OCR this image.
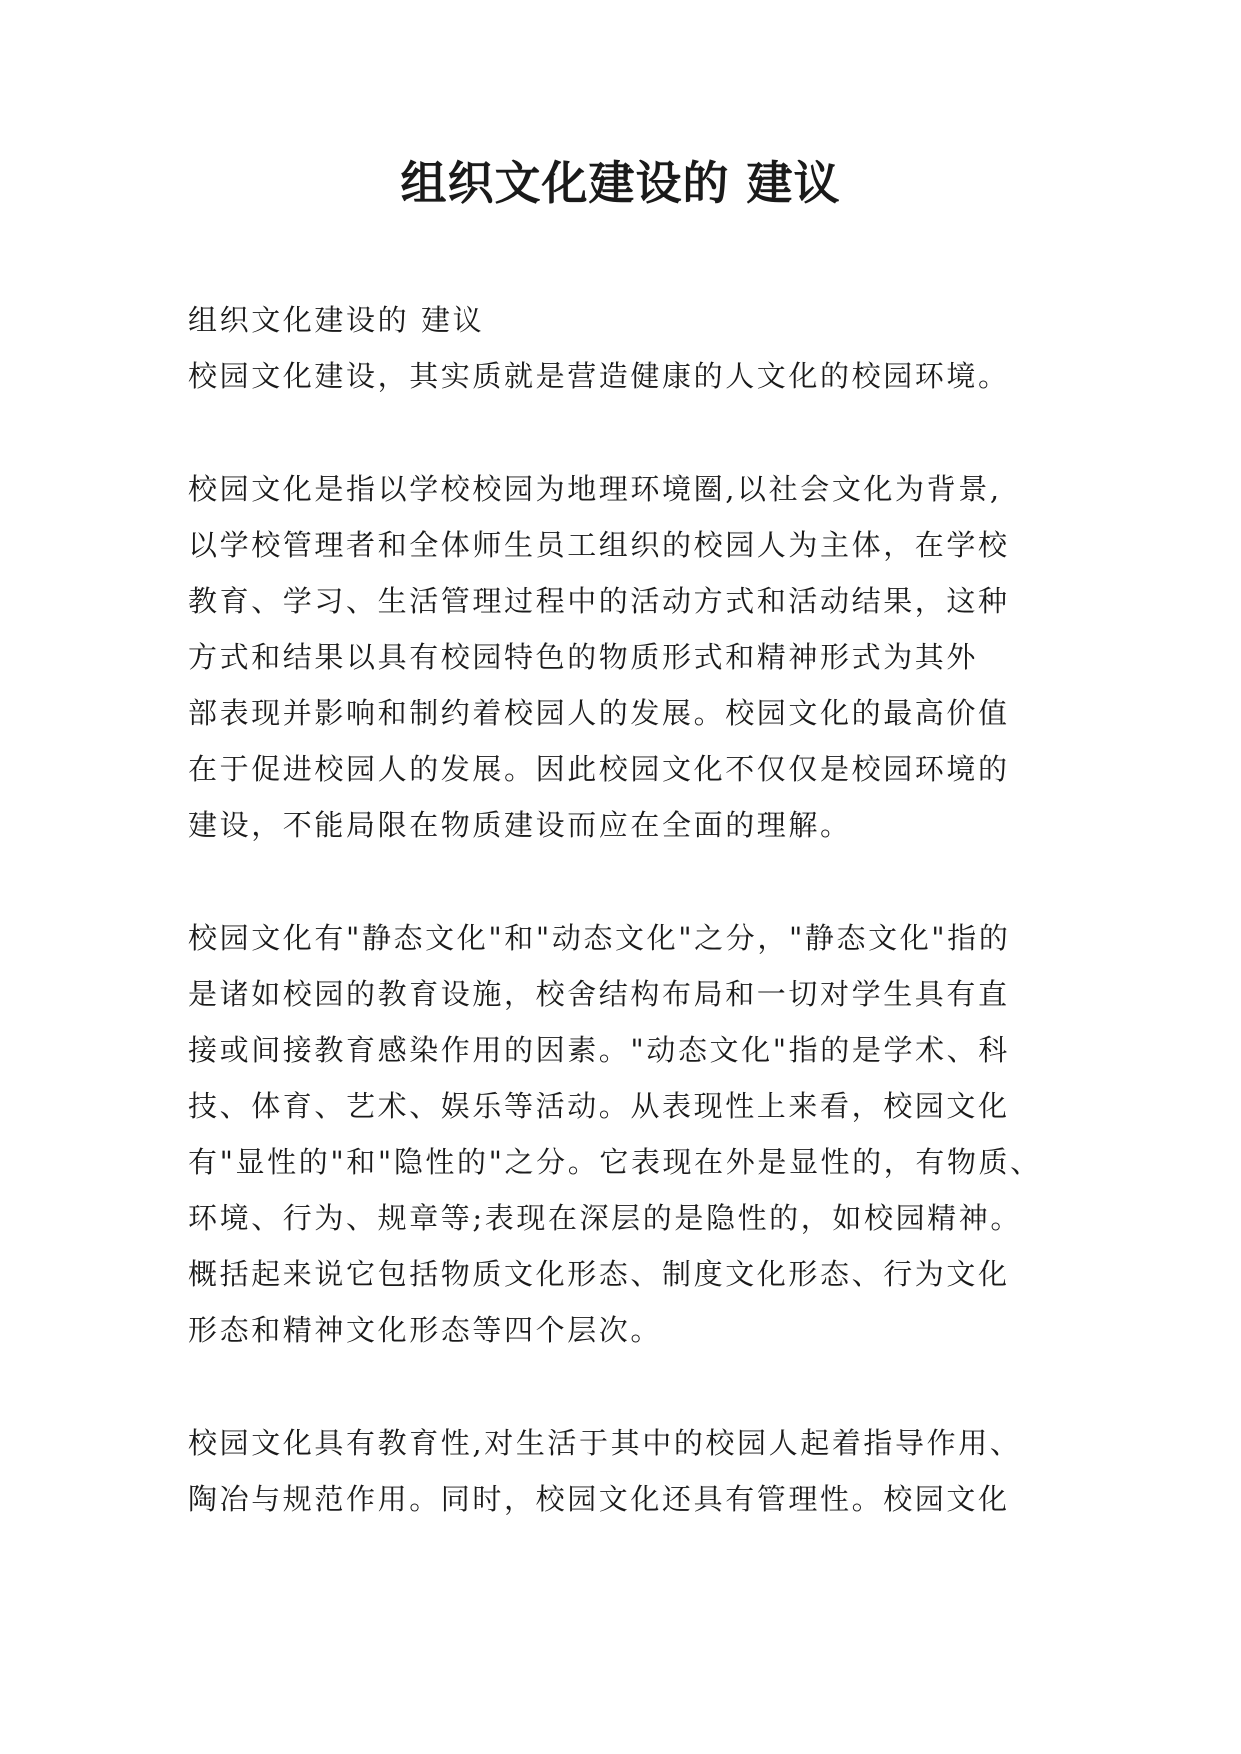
组织文化建设的 建议

组织文化建设的 建议
校园文化建设，其实质就是营造健康的人文化的校园环境。

校园文化是指以学校校园为地理环境圈,以社会文化为背景,
以学校管理者和全体师生员工组织的校园人为主体，在学校
教育、学习、生活管理过程中的活动方式和活动结果，这种
方式和结果以具有校园特色的物质形式和精神形式为其外
部表现并影响和制约着校园人的发展。校园文化的最高价值
在于促进校园人的发展。因此校园文化不仅仅是校园环境的
建设，不能局限在物质建设而应在全面的理解。

校园文化有"静态文化"和"动态文化"之分，"静态文化"指的
是诸如校园的教育设施，校舍结构布局和一切对学生具有直
接或间接教育感染作用的因素。"动态文化"指的是学术、科
技、体育、艺术、娱乐等活动。从表现性上来看，校园文化
有"显性的"和"隐性的"之分。它表现在外是显性的，有物质、
环境、行为、规章等;表现在深层的是隐性的，如校园精神。
概括起来说它包括物质文化形态、制度文化形态、行为文化
形态和精神文化形态等四个层次。

校园文化具有教育性,对生活于其中的校园人起着指导作用、
陶冶与规范作用。同时，校园文化还具有管理性。校园文化
